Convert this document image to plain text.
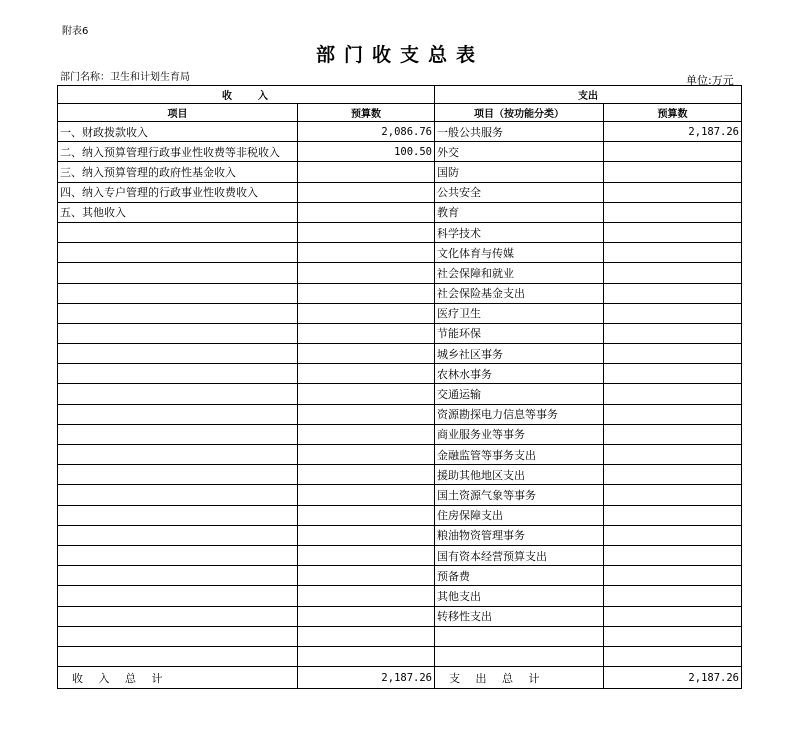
附表6
部门收支总表
部门名称：卫生和计划生育局	单位:万元
收　　入		支出	
项目	预算数	项目（按功能分类）	预算数
一、财政拨款收入	2,086.76	一般公共服务	2,187.26
二、纳入预算管理行政事业性收费等非税收入	100.50	外交	
三、纳入预算管理的政府性基金收入		国防	
四、纳入专户管理的行政事业性收费收入		公共安全	
五、其他收入		教育	
		科学技术	
		文化体育与传媒	
		社会保障和就业	
		社会保险基金支出	
		医疗卫生	
		节能环保	
		城乡社区事务	
		农林水事务	
		交通运输	
		资源勘探电力信息等事务	
		商业服务业等事务	
		金融监管等事务支出	
		援助其他地区支出	
		国土资源气象等事务	
		住房保障支出	
		粮油物资管理事务	
		国有资本经营预算支出	
		预备费	
		其他支出	
		转移性支出	

收 入 总 计	2,187.26	支 出 总 计	2,187.26
